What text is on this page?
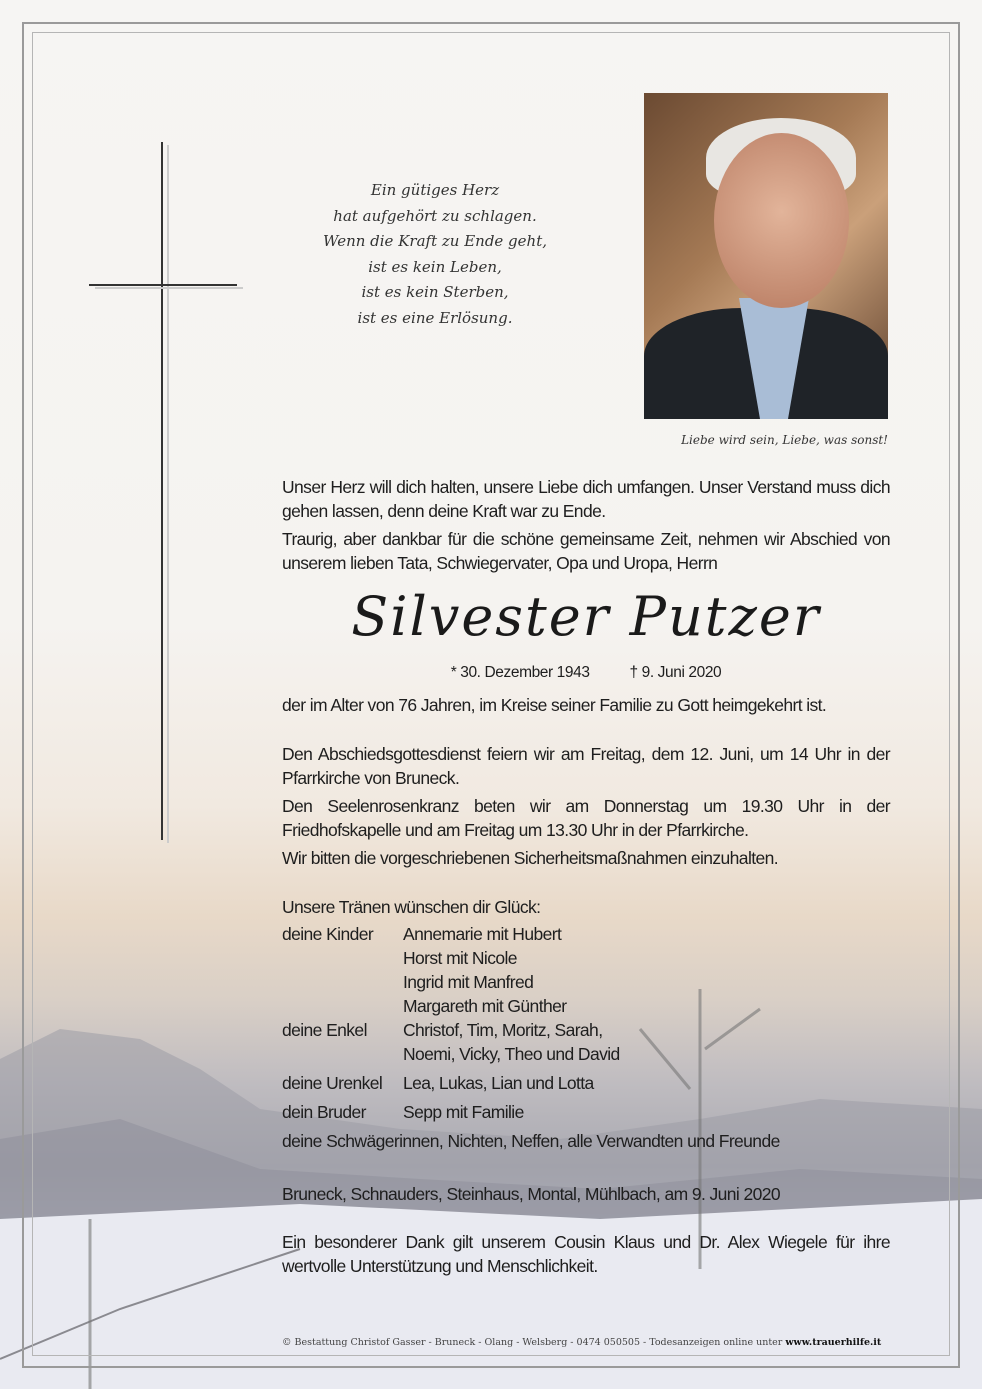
Ein gütiges Herz
hat aufgehört zu schlagen.
Wenn die Kraft zu Ende geht,
ist es kein Leben,
ist es kein Sterben,
ist es eine Erlösung.
Liebe wird sein, Liebe, was sonst!

Unser Herz will dich halten, unsere Liebe dich umfangen. Unser Verstand muss dich gehen lassen, denn deine Kraft war zu Ende.

Traurig, aber dankbar für die schöne gemeinsame Zeit, nehmen wir Abschied von unserem lieben Tata, Schwiegervater, Opa und Uropa, Herrn

Silvester Putzer
* 30. Dezember 1943	† 9. Juni 2020
der im Alter von 76 Jahren, im Kreise seiner Familie zu Gott heimgekehrt ist.

Den Abschiedsgottesdienst feiern wir am Freitag, dem 12. Juni, um 14 Uhr in der Pfarrkirche von Bruneck.

Den Seelenrosenkranz beten wir am Donnerstag um 19.30 Uhr in der Friedhofskapelle und am Freitag um 13.30 Uhr in der Pfarrkirche.

Wir bitten die vorgeschriebenen Sicherheitsmaßnahmen einzuhalten.

Unsere Tränen wünschen dir Glück:
deine Kinder	Annemarie mit Hubert
Horst mit Nicole
Ingrid mit Manfred
Margareth mit Günther
deine Enkel	Christof, Tim, Moritz, Sarah,
Noemi, Vicky, Theo und David
deine Urenkel	Lea, Lukas, Lian und Lotta
dein Bruder	Sepp mit Familie
deine Schwägerinnen, Nichten, Neffen, alle Verwandten und Freunde
Bruneck, Schnauders, Steinhaus, Montal, Mühlbach, am 9. Juni 2020
Ein besonderer Dank gilt unserem Cousin Klaus und Dr. Alex Wiegele für ihre wertvolle Unterstützung und Menschlichkeit.
© Bestattung Christof Gasser - Bruneck - Olang - Welsberg - 0474 050505 - Todesanzeigen online unter www.trauerhilfe.it
